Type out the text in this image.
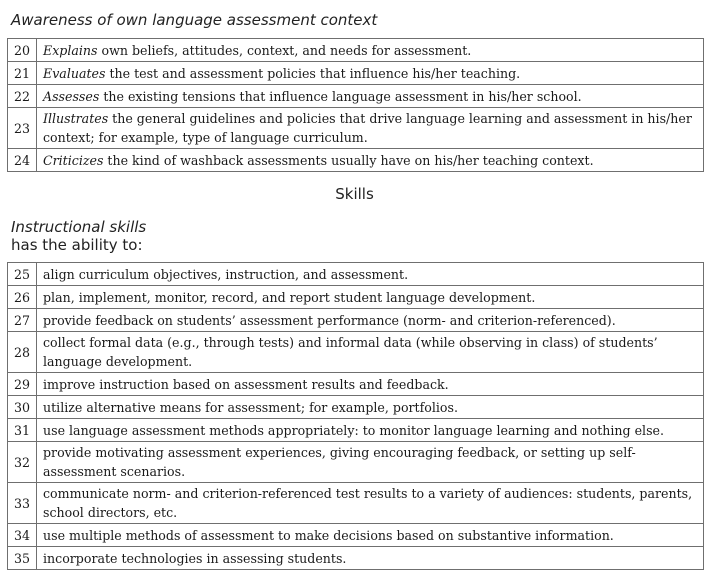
Awareness of own language assessment context
20	Explains own beliefs, attitudes, context, and needs for assessment.
21	Evaluates the test and assessment policies that influence his/her teaching.
22	Assesses the existing tensions that influence language assessment in his/her school.
23	Illustrates the general guidelines and policies that drive language learning and assessment in his/her context; for example, type of language curriculum.
24	Criticizes the kind of washback assessments usually have on his/her teaching context.
Skills
Instructional skills
has the ability to:
25	align curriculum objectives, instruction, and assessment.
26	plan, implement, monitor, record, and report student language development.
27	provide feedback on students’ assessment performance (norm- and criterion-referenced).
28	collect formal data (e.g., through tests) and informal data (while observing in class) of students’ language development.
29	improve instruction based on assessment results and feedback.
30	utilize alternative means for assessment; for example, portfolios.
31	use language assessment methods appropriately: to monitor language learning and nothing else.
32	provide motivating assessment experiences, giving encouraging feedback, or setting up self-assessment scenarios.
33	communicate norm- and criterion-referenced test results to a variety of audiences: students, parents, school directors, etc.
34	use multiple methods of assessment to make decisions based on substantive information.
35	incorporate technologies in assessing students.
